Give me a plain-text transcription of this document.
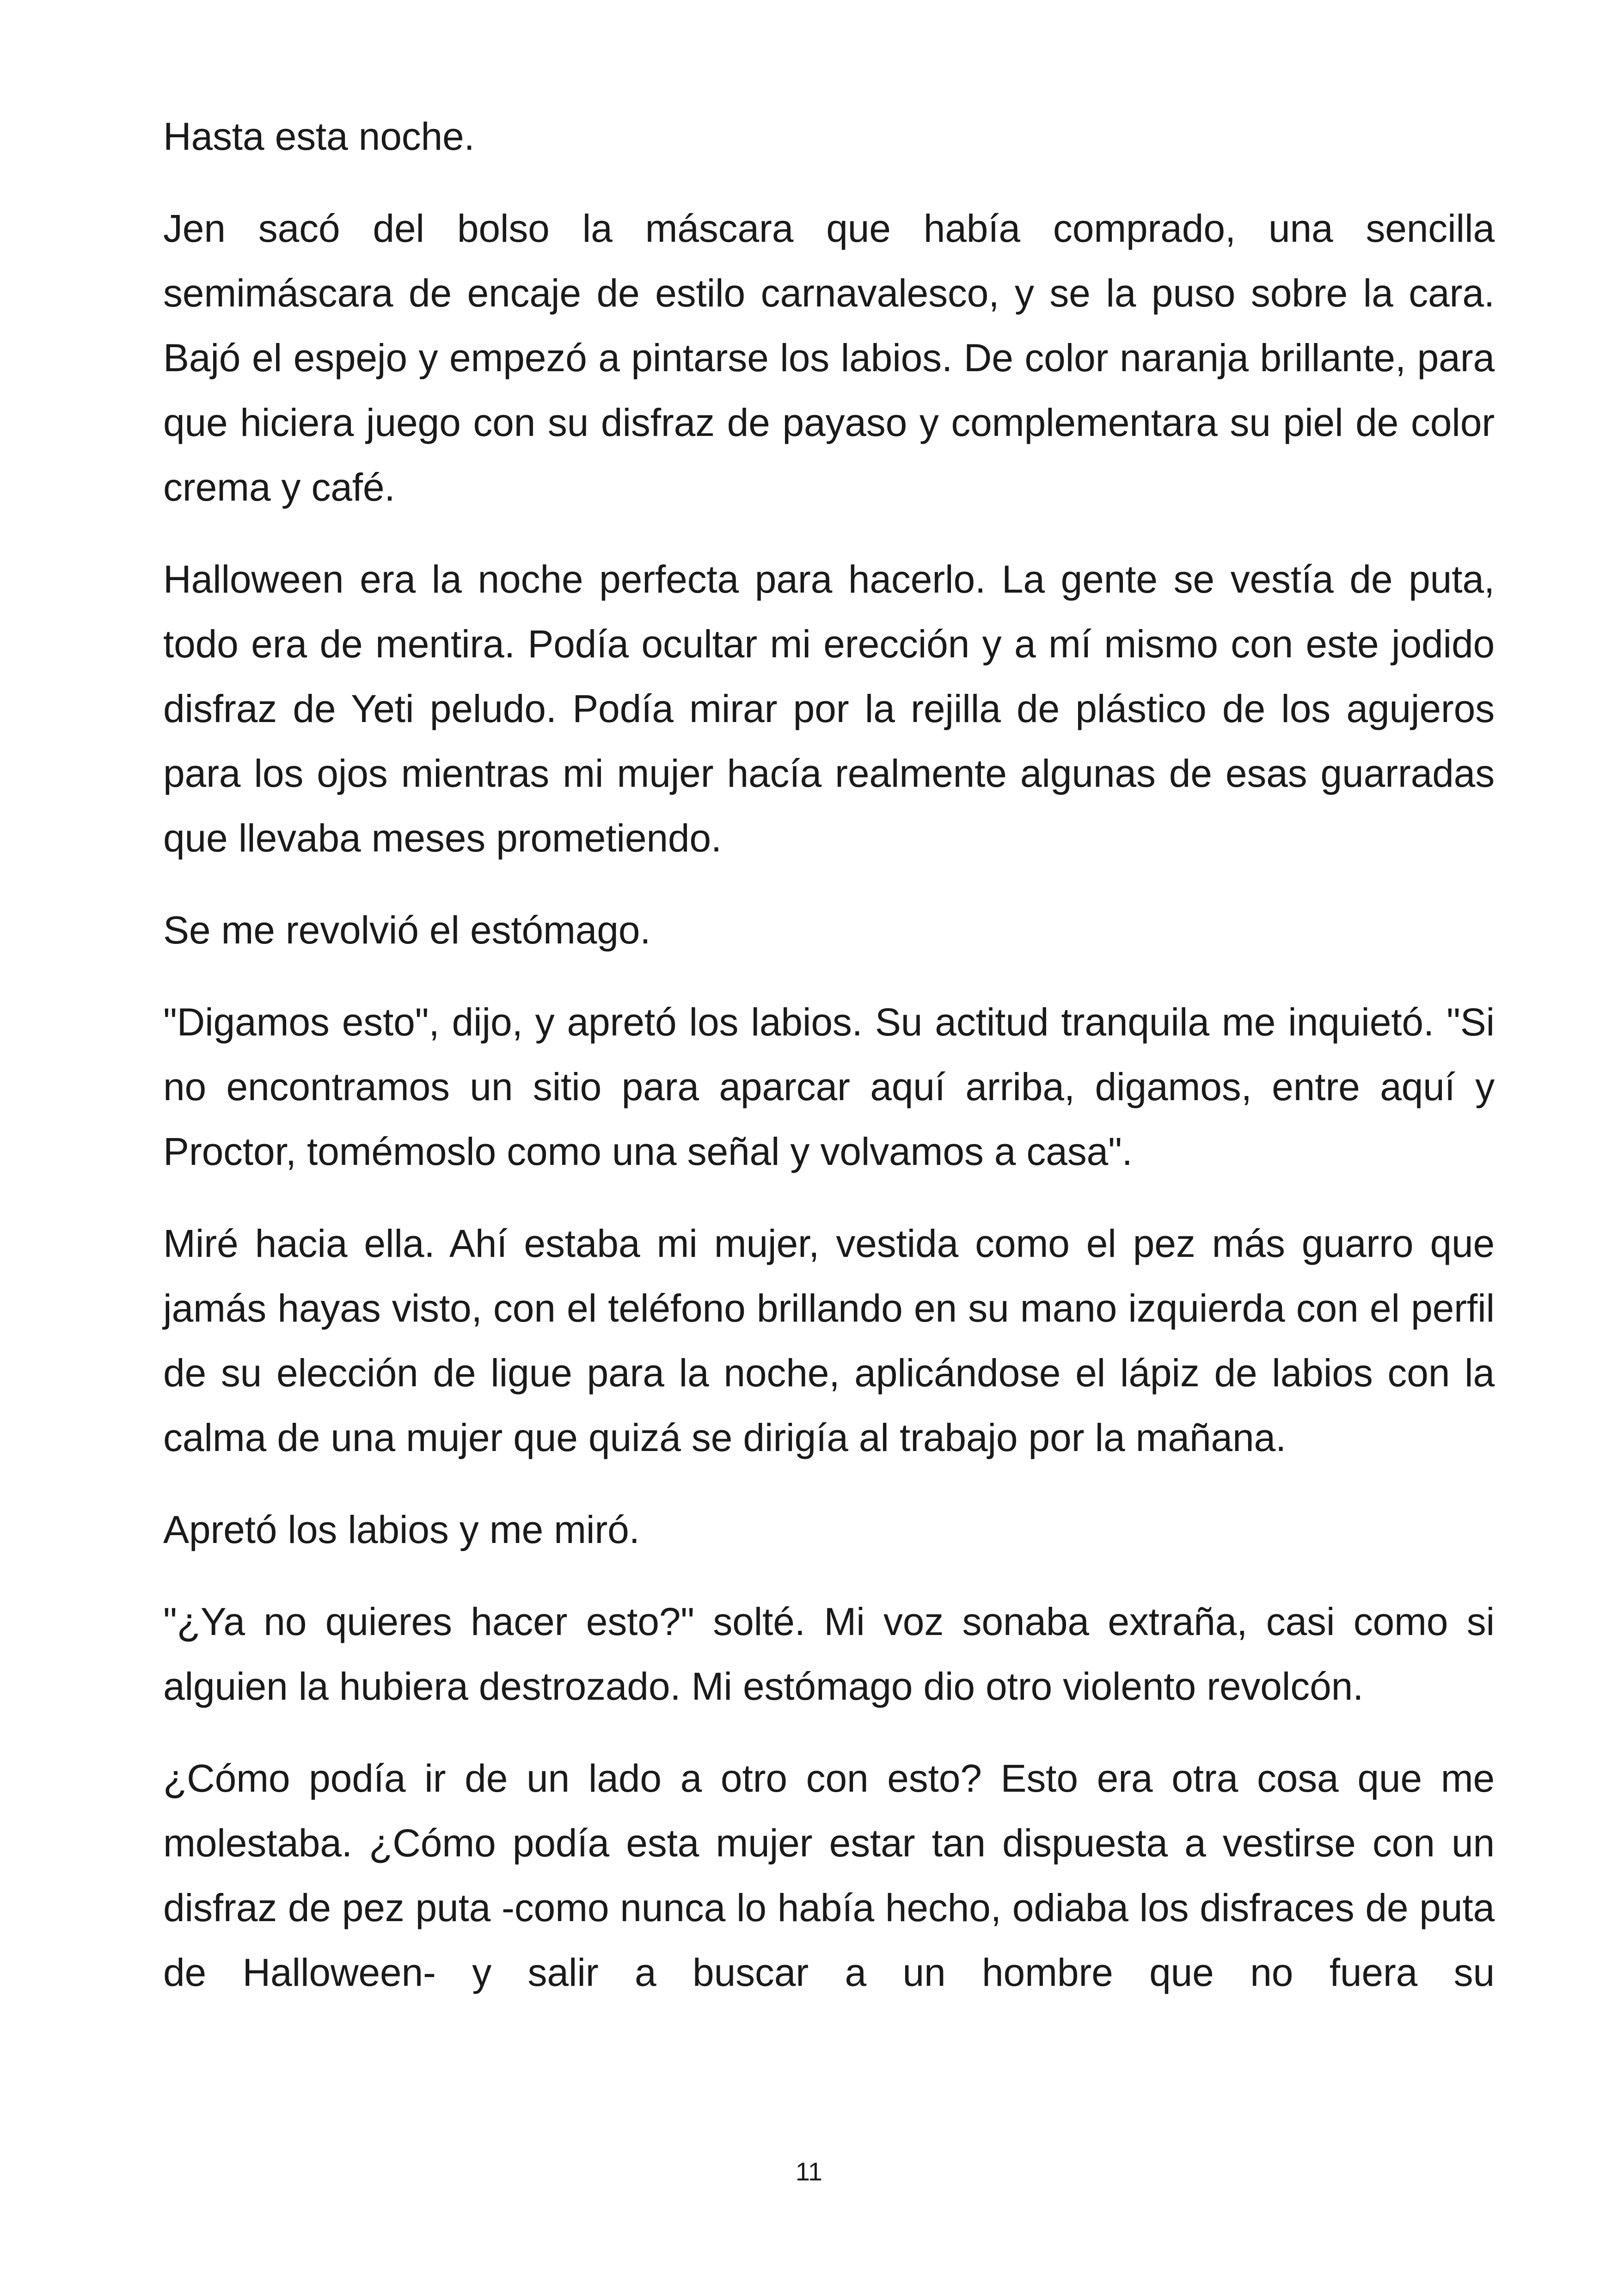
Hasta esta noche.

Jen sacó del bolso la máscara que había comprado, una sencilla semimáscara de encaje de estilo carnavalesco, y se la puso sobre la cara. Bajó el espejo y empezó a pintarse los labios. De color naranja brillante, para que hiciera juego con su disfraz de payaso y complementara su piel de color crema y café.

Halloween era la noche perfecta para hacerlo. La gente se vestía de puta, todo era de mentira. Podía ocultar mi erección y a mí mismo con este jodido disfraz de Yeti peludo. Podía mirar por la rejilla de plástico de los agujeros para los ojos mientras mi mujer hacía realmente algunas de esas guarradas que llevaba meses prometiendo.

Se me revolvió el estómago.

"Digamos esto", dijo, y apretó los labios. Su actitud tranquila me inquietó. "Si no encontramos un sitio para aparcar aquí arriba, digamos, entre aquí y Proctor, tomémoslo como una señal y volvamos a casa".

Miré hacia ella. Ahí estaba mi mujer, vestida como el pez más guarro que jamás hayas visto, con el teléfono brillando en su mano izquierda con el perfil de su elección de ligue para la noche, aplicándose el lápiz de labios con la calma de una mujer que quizá se dirigía al trabajo por la mañana.

Apretó los labios y me miró.

"¿Ya no quieres hacer esto?" solté. Mi voz sonaba extraña, casi como si alguien la hubiera destrozado. Mi estómago dio otro violento revolcón.

¿Cómo podía ir de un lado a otro con esto? Esto era otra cosa que me molestaba. ¿Cómo podía esta mujer estar tan dispuesta a vestirse con un disfraz de pez puta -como nunca lo había hecho, odiaba los disfraces de puta de Halloween- y salir a buscar a un hombre que no fuera su

11
